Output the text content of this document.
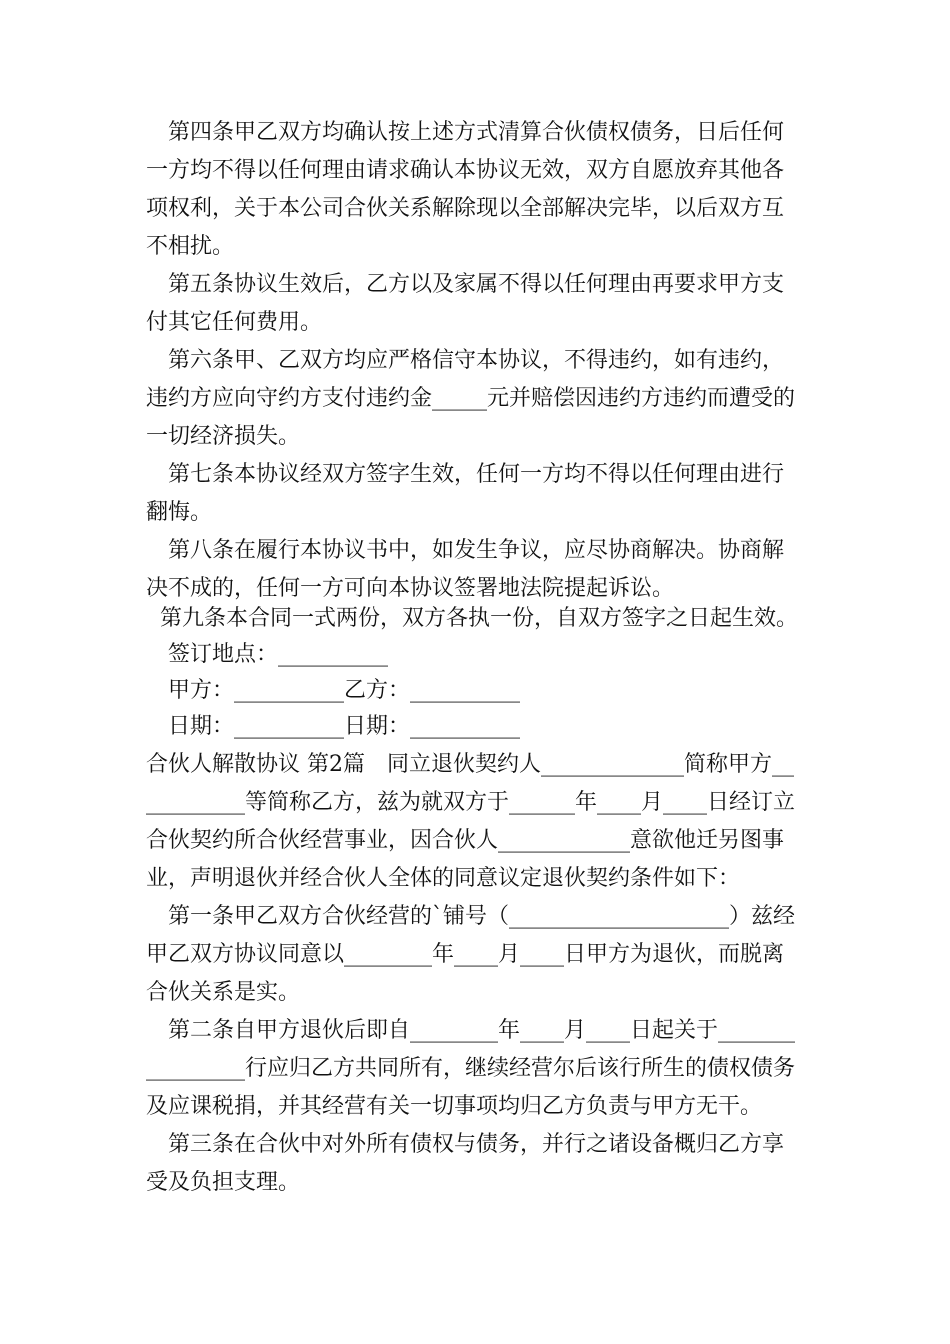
第四条甲乙双方均确认按上述方式清算合伙债权债务，日后任何
一方均不得以任何理由请求确认本协议无效，双方自愿放弃其他各
项权利，关于本公司合伙关系解除现以全部解决完毕，以后双方互
不相扰。
第五条协议生效后，乙方以及家属不得以任何理由再要求甲方支
付其它任何费用。
第六条甲、乙双方均应严格信守本协议，不得违约，如有违约，
违约方应向守约方支付违约金_____元并赔偿因违约方违约而遭受的
一切经济损失。
第七条本协议经双方签字生效，任何一方均不得以任何理由进行
翻悔。
第八条在履行本协议书中，如发生争议，应尽协商解决。协商解
决不成的，任何一方可向本协议签署地法院提起诉讼。
第九条本合同一式两份，双方各执一份，自双方签字之日起生效。
签订地点：__________
甲方：__________乙方：__________
日期：__________日期：__________
合伙人解散协议 第2篇　同立退伙契约人_____________简称甲方__
_________等简称乙方，兹为就双方于______年____月____日经订立
合伙契约所合伙经营事业，因合伙人____________意欲他迁另图事
业，声明退伙并经合伙人全体的同意议定退伙契约条件如下：
第一条甲乙双方合伙经营的`铺号（____________________）兹经
甲乙双方协议同意以________年____月____日甲方为退伙，而脱离
合伙关系是实。
第二条自甲方退伙后即自________年____月____日起关于_______
_________行应归乙方共同所有，继续经营尔后该行所生的债权债务
及应课税捐，并其经营有关一切事项均归乙方负责与甲方无干。
第三条在合伙中对外所有债权与债务，并行之诸设备概归乙方享
受及负担支理。
